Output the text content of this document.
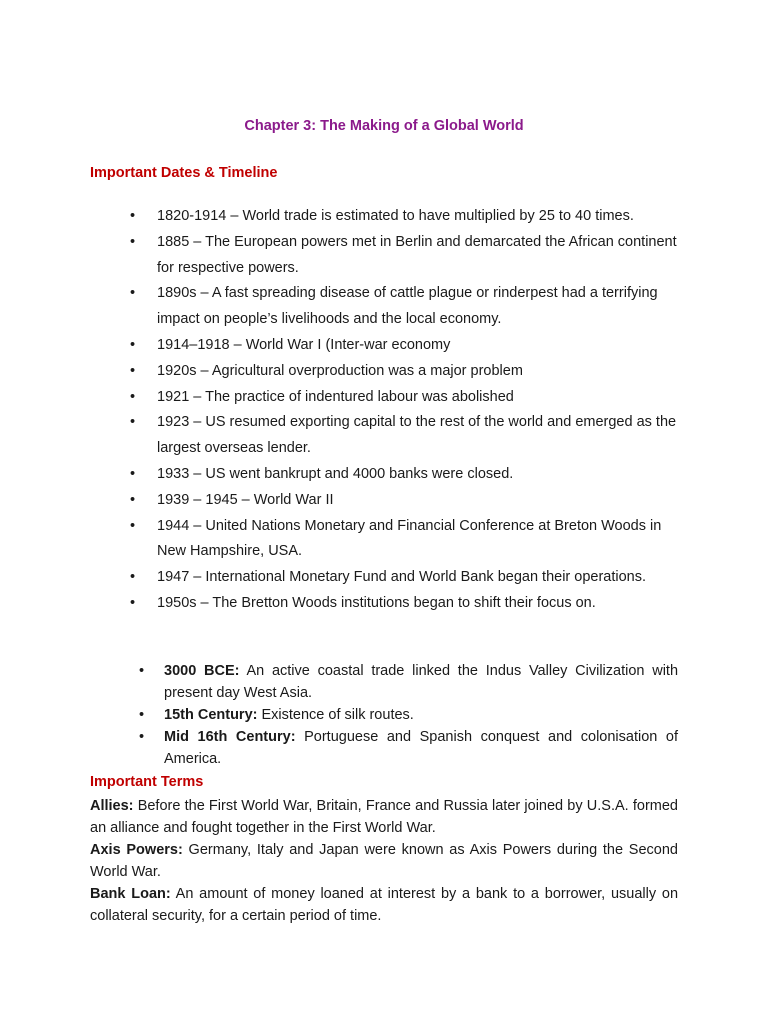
Chapter 3: The Making of a Global World
Important Dates & Timeline
• 1820-1914 – World trade is estimated to have multiplied by 25 to 40 times.
• 1885 – The European powers met in Berlin and demarcated the African continent for respective powers.
• 1890s – A fast spreading disease of cattle plague or rinderpest had a terrifying impact on people’s livelihoods and the local economy.
• 1914–1918 – World War I (Inter-war economy
• 1920s – Agricultural overproduction was a major problem
• 1921 – The practice of indentured labour was abolished
• 1923 – US resumed exporting capital to the rest of the world and emerged as the largest overseas lender.
• 1933 – US went bankrupt and 4000 banks were closed.
• 1939 – 1945 – World War II
• 1944 – United Nations Monetary and Financial Conference at Breton Woods in New Hampshire, USA.
• 1947 – International Monetary Fund and World Bank began their operations.
• 1950s – The Bretton Woods institutions began to shift their focus on.
• 3000 BCE: An active coastal trade linked the Indus Valley Civilization with present day West Asia.
• 15th Century: Existence of silk routes.
• Mid 16th Century: Portuguese and Spanish conquest and colonisation of America.
Important Terms

Allies: Before the First World War, Britain, France and Russia later joined by U.S.A. formed an alliance and fought together in the First World War.

Axis Powers: Germany, Italy and Japan were known as Axis Powers during the Second World War.

Bank Loan: An amount of money loaned at interest by a bank to a borrower, usually on collateral security, for a certain period of time.
